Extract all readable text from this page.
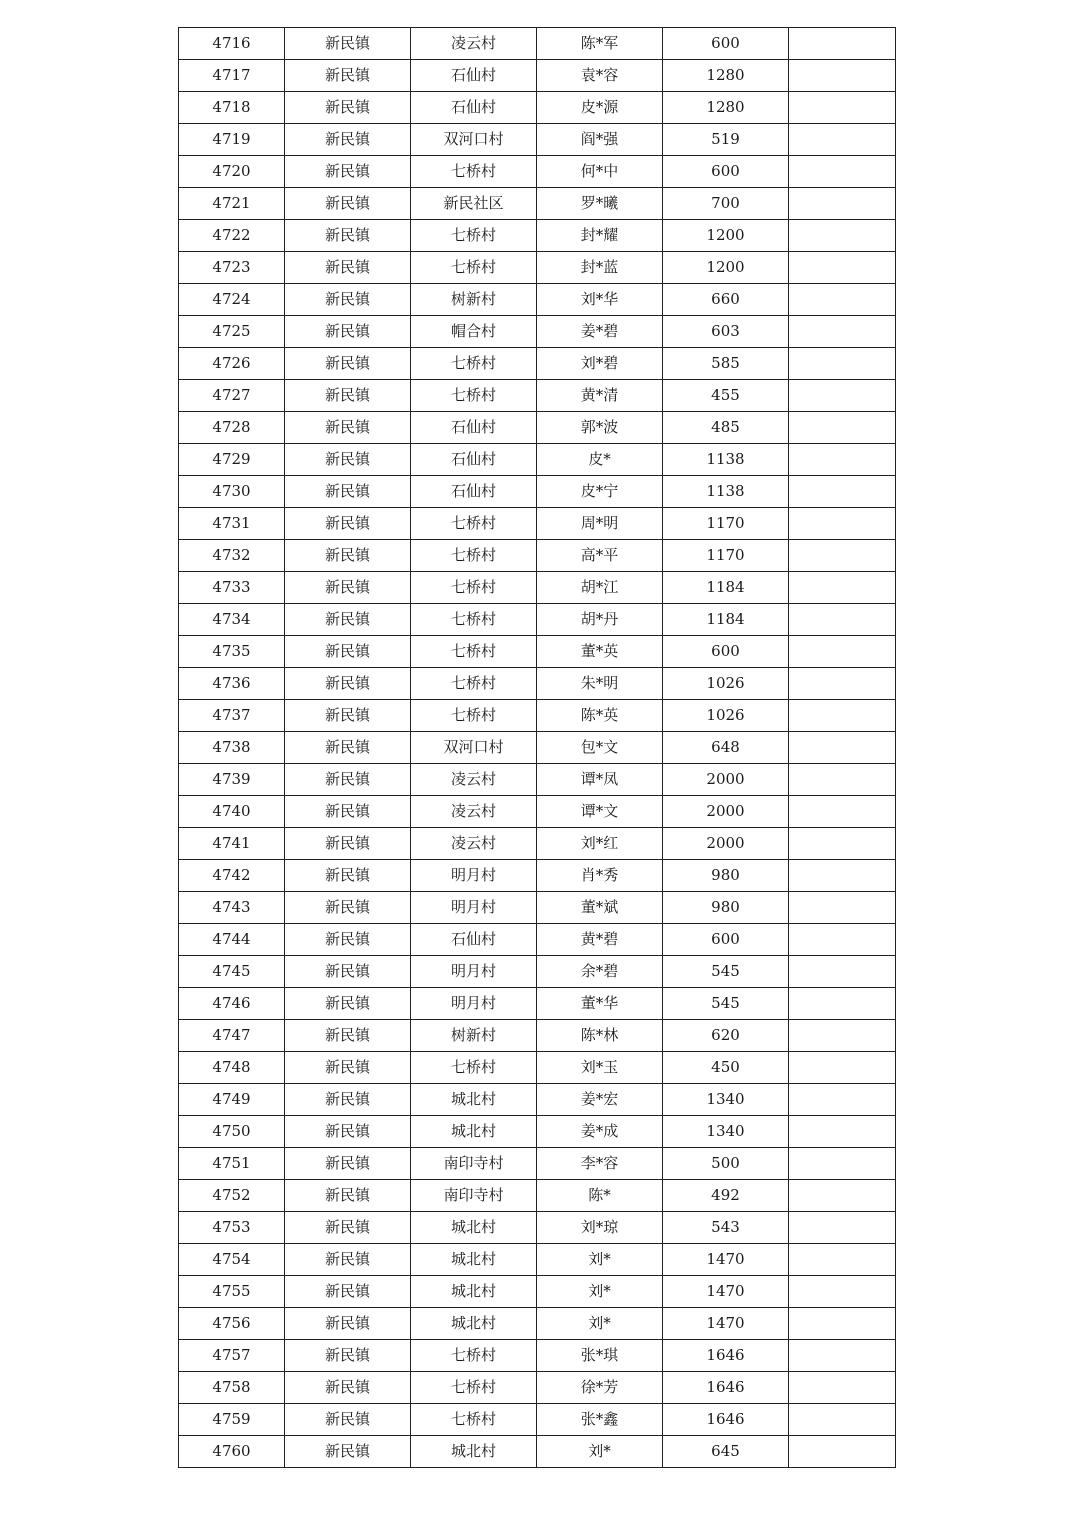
4716	新民镇	凌云村	陈*军	600	
4717	新民镇	石仙村	袁*容	1280	
4718	新民镇	石仙村	皮*源	1280	
4719	新民镇	双河口村	阎*强	519	
4720	新民镇	七桥村	何*中	600	
4721	新民镇	新民社区	罗*曦	700	
4722	新民镇	七桥村	封*耀	1200	
4723	新民镇	七桥村	封*蓝	1200	
4724	新民镇	树新村	刘*华	660	
4725	新民镇	帽合村	姜*碧	603	
4726	新民镇	七桥村	刘*碧	585	
4727	新民镇	七桥村	黄*清	455	
4728	新民镇	石仙村	郭*波	485	
4729	新民镇	石仙村	皮*	1138	
4730	新民镇	石仙村	皮*宁	1138	
4731	新民镇	七桥村	周*明	1170	
4732	新民镇	七桥村	高*平	1170	
4733	新民镇	七桥村	胡*江	1184	
4734	新民镇	七桥村	胡*丹	1184	
4735	新民镇	七桥村	董*英	600	
4736	新民镇	七桥村	朱*明	1026	
4737	新民镇	七桥村	陈*英	1026	
4738	新民镇	双河口村	包*文	648	
4739	新民镇	凌云村	谭*凤	2000	
4740	新民镇	凌云村	谭*文	2000	
4741	新民镇	凌云村	刘*红	2000	
4742	新民镇	明月村	肖*秀	980	
4743	新民镇	明月村	董*斌	980	
4744	新民镇	石仙村	黄*碧	600	
4745	新民镇	明月村	余*碧	545	
4746	新民镇	明月村	董*华	545	
4747	新民镇	树新村	陈*林	620	
4748	新民镇	七桥村	刘*玉	450	
4749	新民镇	城北村	姜*宏	1340	
4750	新民镇	城北村	姜*成	1340	
4751	新民镇	南印寺村	李*容	500	
4752	新民镇	南印寺村	陈*	492	
4753	新民镇	城北村	刘*琼	543	
4754	新民镇	城北村	刘*	1470	
4755	新民镇	城北村	刘*	1470	
4756	新民镇	城北村	刘*	1470	
4757	新民镇	七桥村	张*琪	1646	
4758	新民镇	七桥村	徐*芳	1646	
4759	新民镇	七桥村	张*鑫	1646	
4760	新民镇	城北村	刘*	645	
